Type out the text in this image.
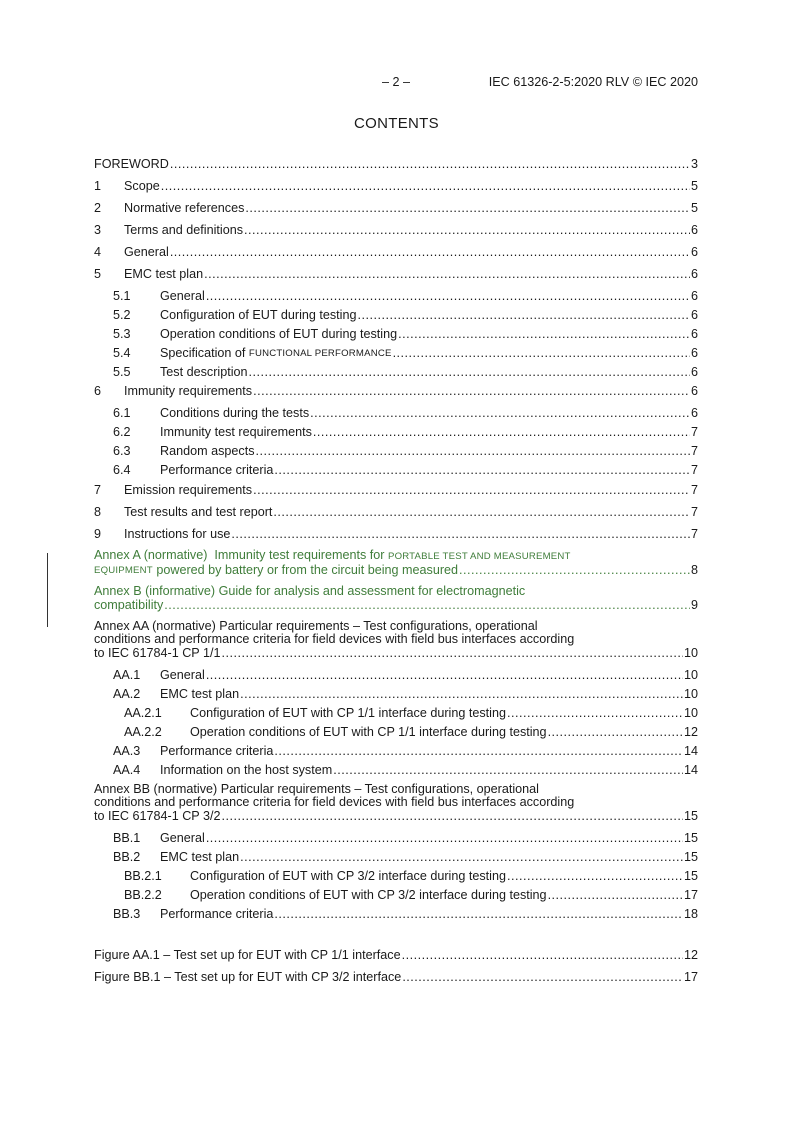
– 2 –	IEC 61326-2-5:2020 RLV © IEC 2020
CONTENTS
FOREWORD .....	3
1	Scope .....	5
2	Normative references .....	5
3	Terms and definitions .....	6
4	General .....	6
5	EMC test plan .....	6
5.1	General .....	6
5.2	Configuration of EUT during testing .....	6
5.3	Operation conditions of EUT during testing .....	6
5.4	Specification of FUNCTIONAL PERFORMANCE .....	6
5.5	Test description .....	6
6	Immunity requirements .....	6
6.1	Conditions during the tests .....	6
6.2	Immunity test requirements .....	7
6.3	Random aspects .....	7
6.4	Performance criteria .....	7
7	Emission requirements .....	7
8	Test results and test report .....	7
9	Instructions for use .....	7
Annex A (normative)  Immunity test requirements for PORTABLE TEST AND MEASUREMENT
EQUIPMENT powered by battery or from the circuit being measured .....	8
Annex B (informative) Guide for analysis and assessment for electromagnetic
compatibility .....	9
Annex AA (normative) Particular requirements – Test configurations, operational
conditions and performance criteria for field devices with field bus interfaces according
to IEC 61784-1 CP 1/1 .....	10
AA.1	General .....	10
AA.2	EMC test plan .....	10
AA.2.1	Configuration of EUT with CP 1/1 interface during testing .....	10
AA.2.2	Operation conditions of EUT with CP 1/1 interface during testing .....	12
AA.3	Performance criteria .....	14
AA.4	Information on the host system .....	14
Annex BB (normative) Particular requirements – Test configurations, operational
conditions and performance criteria for field devices with field bus interfaces according
to IEC 61784-1 CP 3/2 .....	15
BB.1	General .....	15
BB.2	EMC test plan .....	15
BB.2.1	Configuration of EUT with CP 3/2 interface during testing .....	15
BB.2.2	Operation conditions of EUT with CP 3/2 interface during testing .....	17
BB.3	Performance criteria .....	18
Figure AA.1 – Test set up for EUT with CP 1/1 interface .....	12
Figure BB.1 – Test set up for EUT with CP 3/2 interface .....	17
